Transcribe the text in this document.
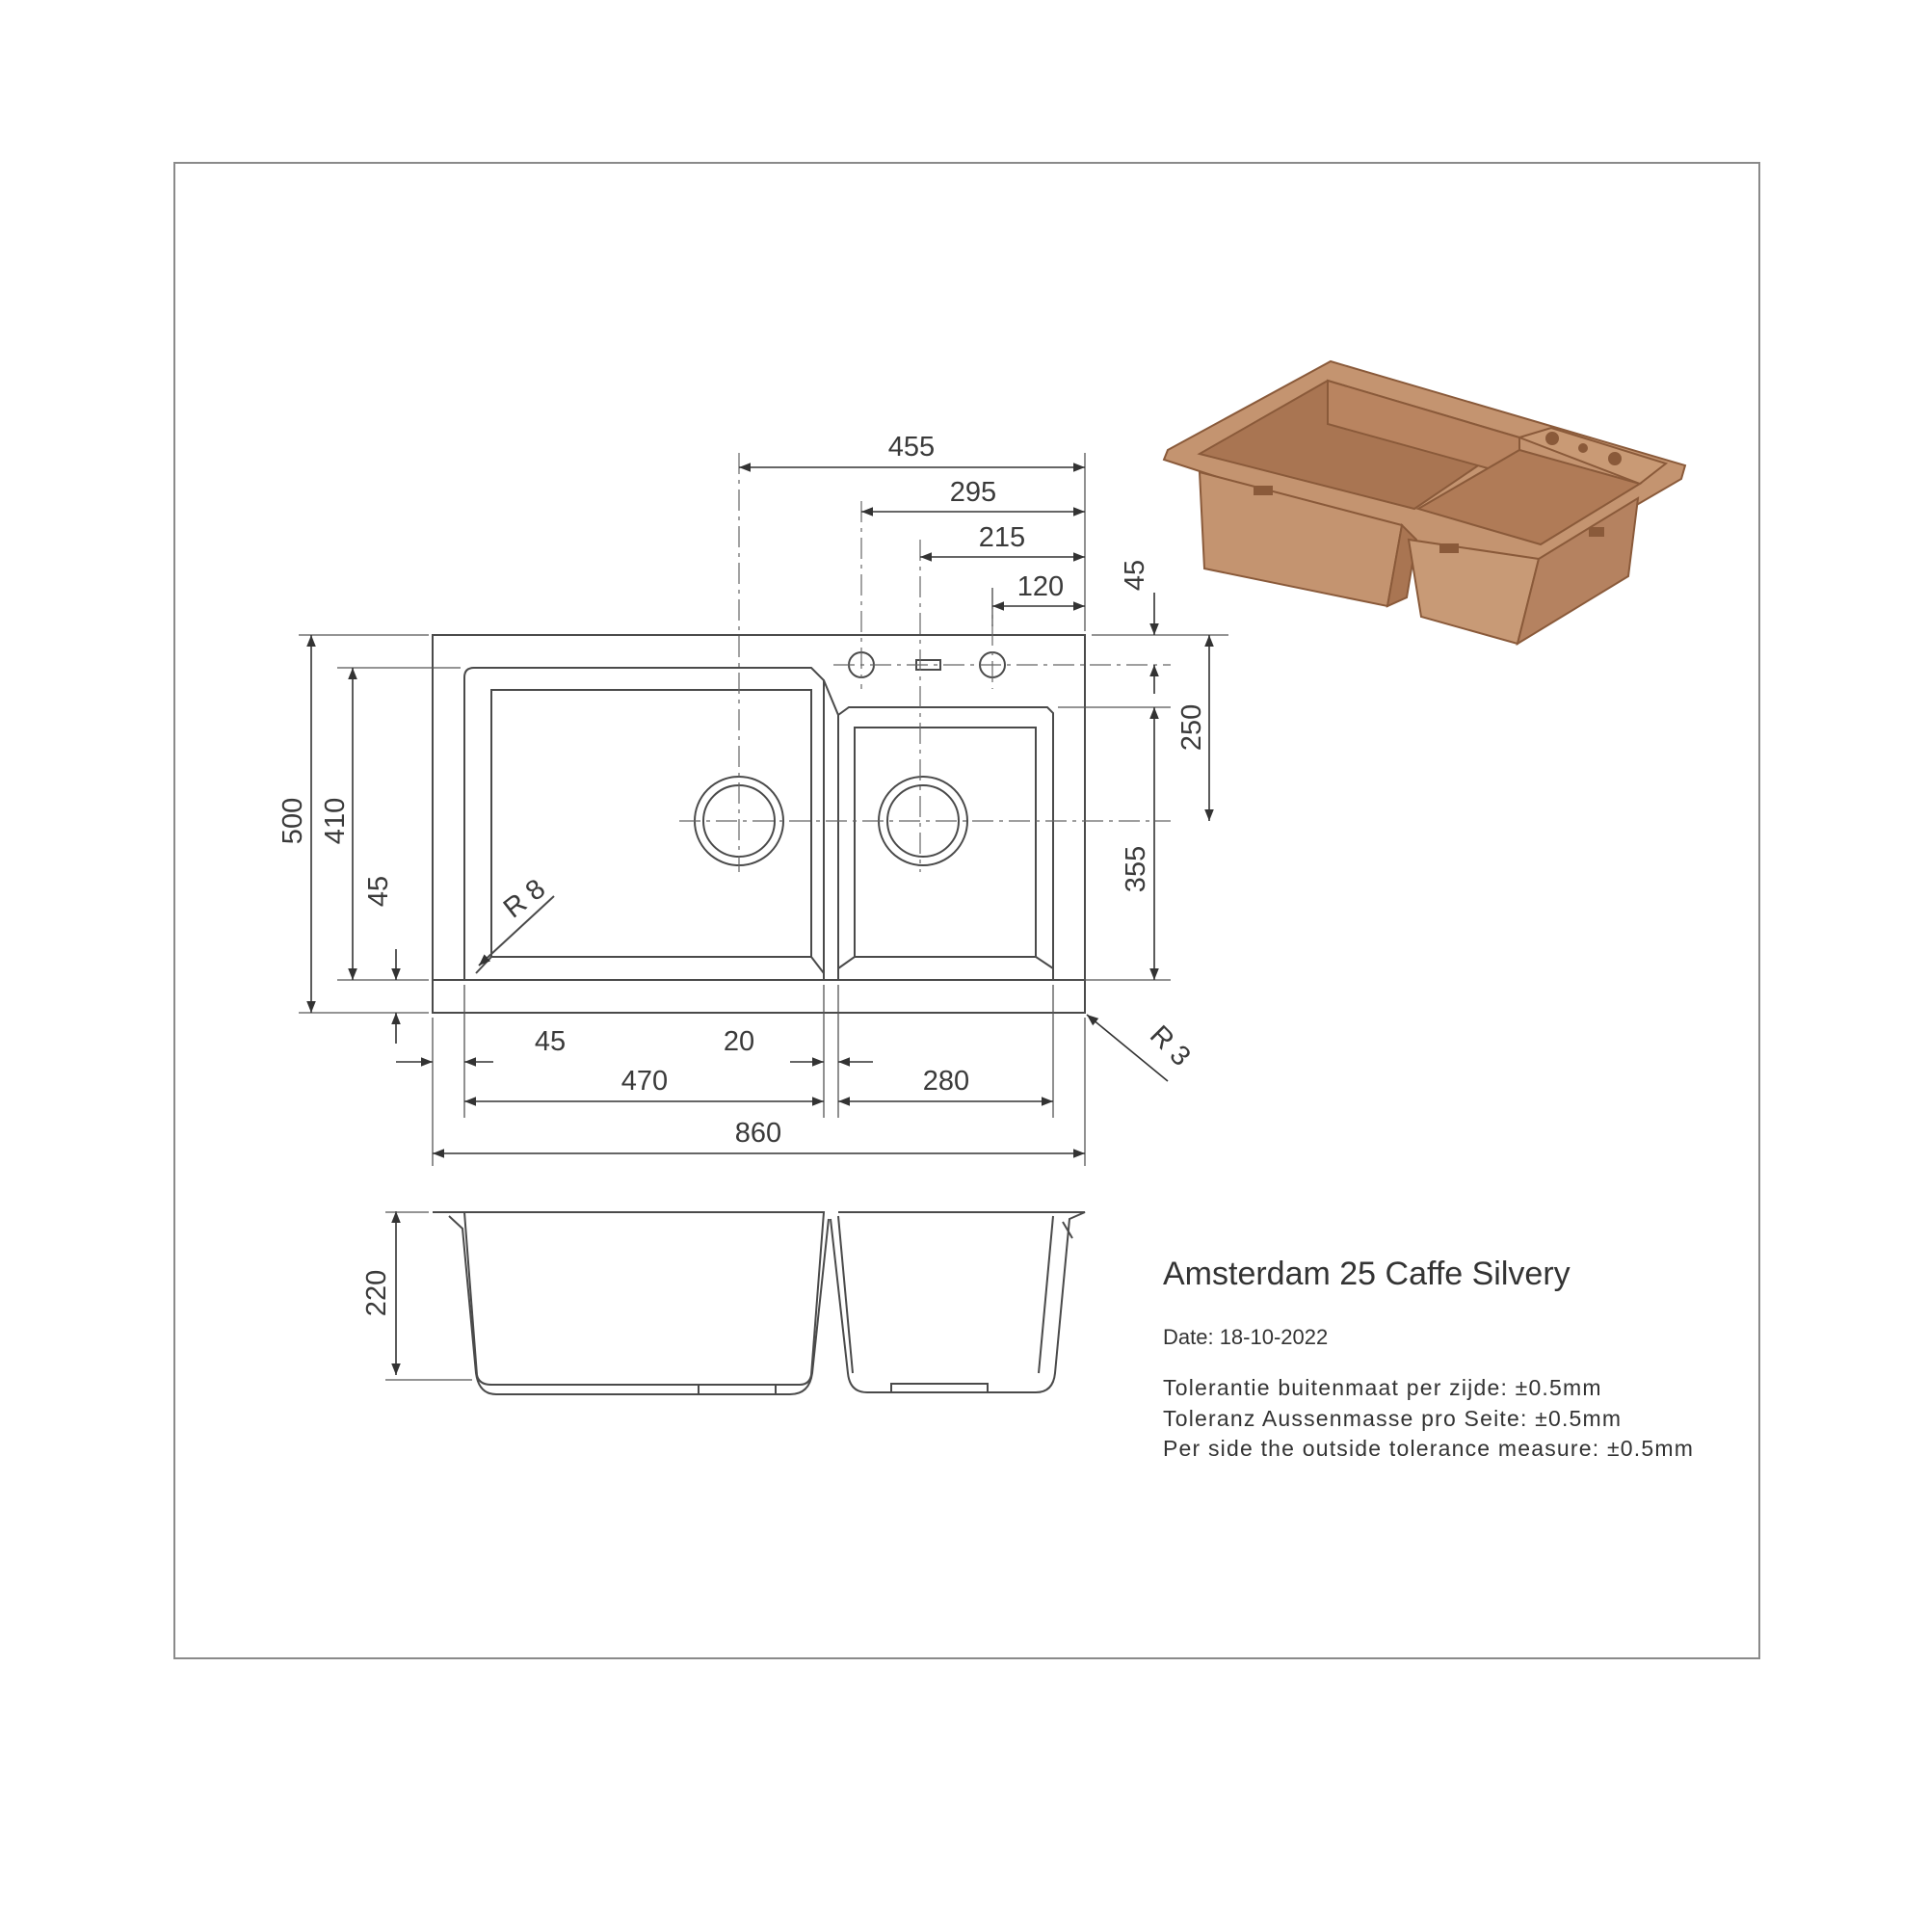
455
295
215
120 45
250
355
500 410
45
45	20
470	280
860
R 8
R 3
220	Amsterdam 25 Caffe Silvery
Date: 18-10-2022
Tolerantie buitenmaat per zijde: ±0.5mm
Toleranz Aussenmasse pro Seite: ±0.5mm
Per side the outside tolerance measure: ±0.5mm
